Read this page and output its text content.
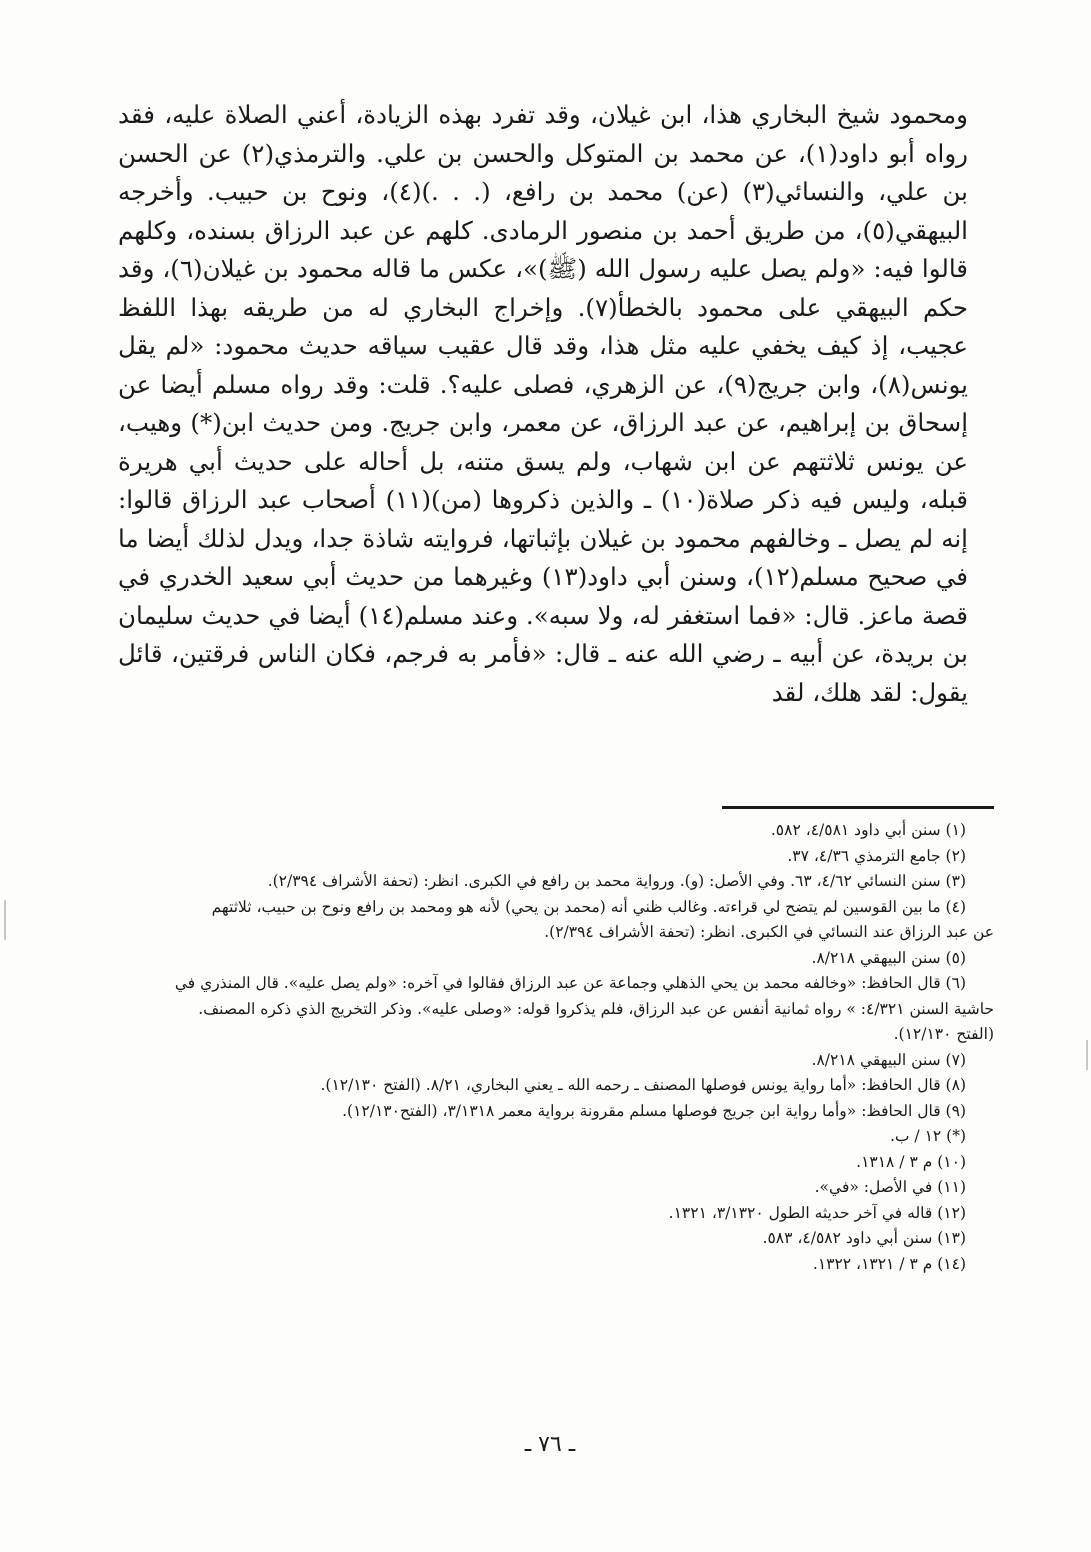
ومحمود شيخ البخاري هذا، ابن غيلان، وقد تفرد بهذه الزيادة، أعني الصلاة عليه، فقد رواه أبو داود(١)، عن محمد بن المتوكل والحسن بن علي. والترمذي(٢) عن الحسن بن علي، والنسائي(٣) (عن) محمد بن رافع، (. . .)(٤)، ونوح بن حبيب. وأخرجه البيهقي(٥)، من طريق أحمد بن منصور الرمادى. كلهم عن عبد الرزاق بسنده، وكلهم قالوا فيه: «ولم يصل عليه رسول الله (ﷺ)»، عكس ما قاله محمود بن غيلان(٦)، وقد حكم البيهقي على محمود بالخطأ(٧). وإخراج البخاري له من طريقه بهذا اللفظ عجيب، إذ كيف يخفي عليه مثل هذا، وقد قال عقيب سياقه حديث محمود: «لم يقل يونس(٨)، وابن جريج(٩)، عن الزهري، فصلى عليه؟. قلت: وقد رواه مسلم أيضا عن إسحاق بن إبراهيم، عن عبد الرزاق، عن معمر، وابن جريج. ومن حديث ابن(*) وهيب، عن يونس ثلاثتهم عن ابن شهاب، ولم يسق متنه، بل أحاله على حديث أبي هريرة قبله، وليس فيه ذكر صلاة(١٠) ـ والذين ذكروها (من)(١١) أصحاب عبد الرزاق قالوا: إنه لم يصل ـ وخالفهم محمود بن غيلان بإثباتها، فروايته شاذة جدا، ويدل لذلك أيضا ما في صحيح مسلم(١٢)، وسنن أبي داود(١٣) وغيرهما من حديث أبي سعيد الخدري في قصة ماعز. قال: «فما استغفر له، ولا سبه». وعند مسلم(١٤) أيضا في حديث سليمان بن بريدة، عن أبيه ـ رضي الله عنه ـ قال: «فأمر به فرجم، فكان الناس فرقتين، قائل يقول: لقد هلك، لقد

(١) سنن أبي داود ٤/٥٨١، ٥٨٢.

(٢) جامع الترمذي ٤/٣٦، ٣٧.

(٣) سنن النسائي ٤/٦٢، ٦٣. وفي الأصل: (و). ورواية محمد بن رافع في الكبرى. انظر: (تحفة الأشراف ٢/٣٩٤).

(٤) ما بين القوسين لم يتضح لي قراءته. وغالب ظني أنه (محمد بن يحي) لأنه هو ومحمد بن رافع ونوح بن حبيب، ثلاثتهم

عن عبد الرزاق عند النسائي في الكبرى. انظر: (تحفة الأشراف ٢/٣٩٤).

(٥) سنن البيهقي ٨/٢١٨.

(٦) قال الحافظ: «وخالفه محمد بن يحي الذهلي وجماعة عن عبد الرزاق فقالوا في آخره: «ولم يصل عليه». قال المنذري في

حاشية السنن ٤/٣٢١: » رواه ثمانية أنفس عن عبد الرزاق، فلم يذكروا قوله: «وصلى عليه». وذكر التخريج الذي ذكره المصنف.

(الفتح ١٢/١٣٠).

(٧) سنن البيهقي ٨/٢١٨.

(٨) قال الحافظ: «أما رواية يونس فوصلها المصنف ـ رحمه الله ـ يعني البخاري، ٨/٢١. (الفتح ١٢/١٣٠).

(٩) قال الحافظ: «وأما رواية ابن جريج فوصلها مسلم مقرونة برواية معمر ٣/١٣١٨، (الفتح١٢/١٣٠).

(*) ١٢ / ب.

(١٠) م ٣ / ١٣١٨.

(١١) في الأصل: «في».

(١٢) قاله في آخر حديثه الطول ٣/١٣٢٠، ١٣٢١.

(١٣) سنن أبي داود ٤/٥٨٢، ٥٨٣.

(١٤) م ٣ / ١٣٢١، ١٣٢٢.

ـ ٧٦ ـ
